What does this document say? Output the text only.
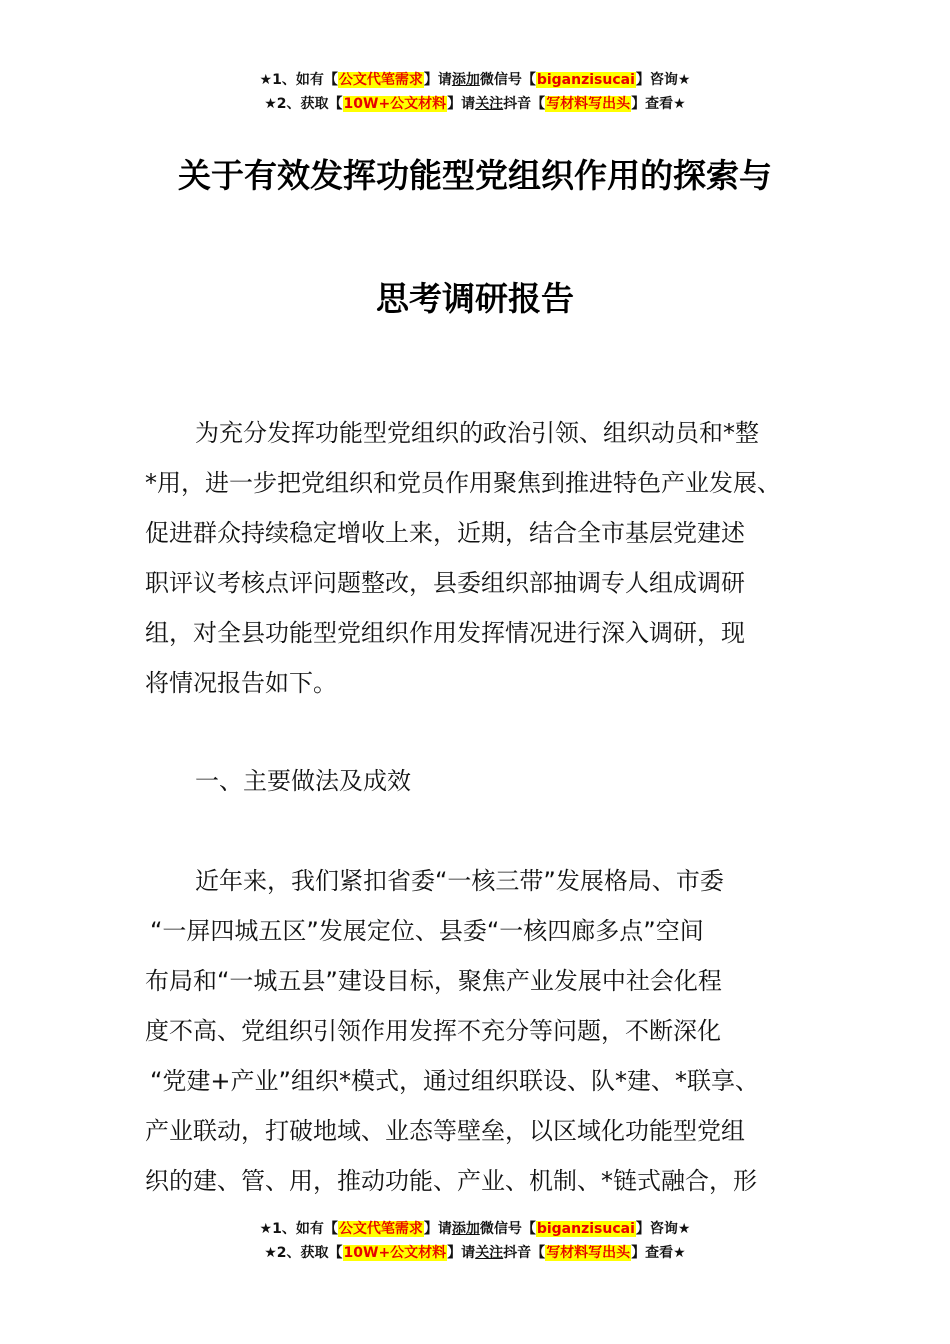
★1、如有【公文代笔需求】请添加微信号【biganzisucai】咨询★
★2、获取【10W+公文材料】请关注抖音【写材料写出头】查看★
关于有效发挥功能型党组织作用的探索与
思考调研报告
为充分发挥功能型党组织的政治引领、组织动员和*整
*用，进一步把党组织和党员作用聚焦到推进特色产业发展、
促进群众持续稳定增收上来，近期，结合全市基层党建述
职评议考核点评问题整改，县委组织部抽调专人组成调研
组，对全县功能型党组织作用发挥情况进行深入调研，现
将情况报告如下。
一、主要做法及成效
近年来，我们紧扣省委“一核三带”发展格局、市委
“一屏四城五区”发展定位、县委“一核四廊多点”空间
布局和“一城五县”建设目标，聚焦产业发展中社会化程
度不高、党组织引领作用发挥不充分等问题，不断深化
“党建+产业”组织*模式，通过组织联设、队*建、*联享、
产业联动，打破地域、业态等壁垒，以区域化功能型党组
织的建、管、用，推动功能、产业、机制、*链式融合，形
★1、如有【公文代笔需求】请添加微信号【biganzisucai】咨询★
★2、获取【10W+公文材料】请关注抖音【写材料写出头】查看★
